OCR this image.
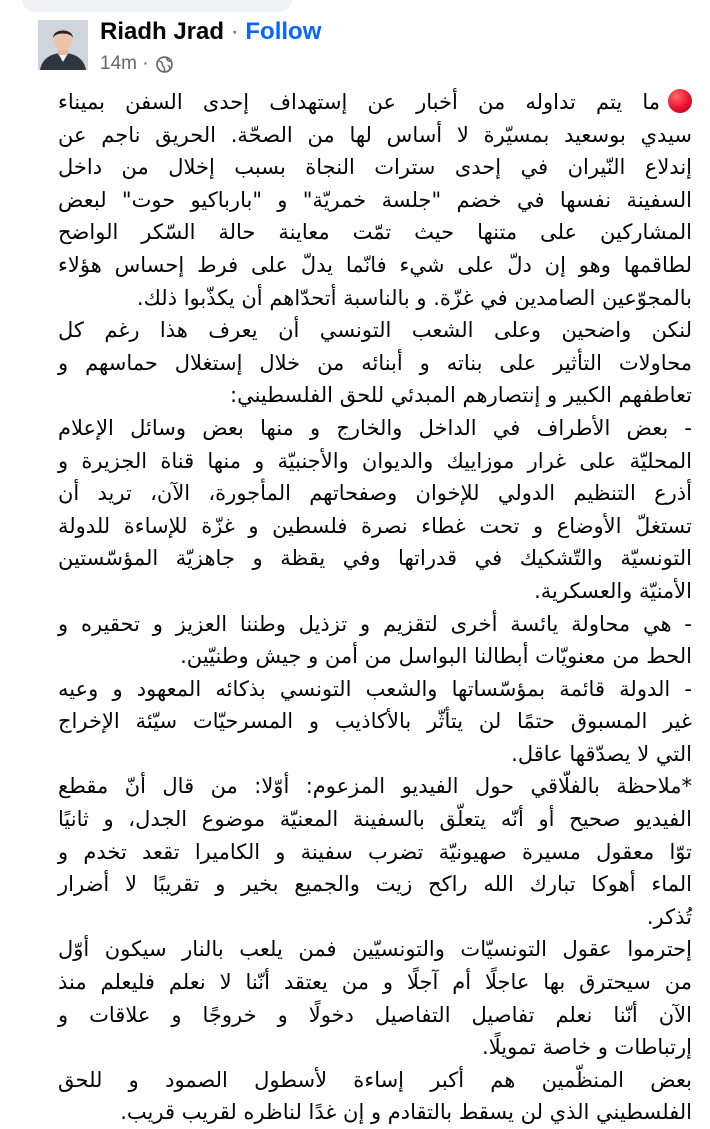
Riadh Jrad · Follow
14m ·
ما يتم تداوله من أخبار عن إستهداف إحدى السفن بميناء
سيدي بوسعيد بمسيّرة لا أساس لها من الصحّة. الحريق ناجم عن
إندلاع النّيران في إحدى سترات النجاة بسبب إخلال من داخل
السفينة نفسها في خضم "جلسة خمريّة" و "بارباكيو حوت" لبعض
المشاركين على متنها حيث تمّت معاينة حالة السّكر الواضح
لطاقمها وهو إن دلّ على شيء فانّما يدلّ على فرط إحساس هؤلاء
بالمجوّعين الصامدين في غزّة. و بالناسبة أتحدّاهم أن يكذّبوا ذلك.
لنكن واضحين وعلى الشعب التونسي أن يعرف هذا رغم كل
محاولات التأثير على بناته و أبنائه من خلال إستغلال حماسهم و
تعاطفهم الكبير و إنتصارهم المبدئي للحق الفلسطيني:
- بعض الأطراف في الداخل والخارج و منها بعض وسائل الإعلام
المحليّة على غرار موزاييك والديوان والأجنبيّة و منها قناة الجزيرة و
أذرع التنظيم الدولي للإخوان وصفحاتهم المأجورة، الآن، تريد أن
تستغلّ الأوضاع و تحت غطاء نصرة فلسطين و غزّة للإساءة للدولة
التونسيّة والتّشكيك في قدراتها وفي يقظة و جاهزيّة المؤسّستين
الأمنيّة والعسكرية.
- هي محاولة يائسة أخرى لتقزيم و تزذيل وطننا العزيز و تحقيره و
الحط من معنويّات أبطالنا البواسل من أمن و جيش وطنيّين.
- الدولة قائمة بمؤسّساتها والشعب التونسي بذكائه المعهود و وعيه
غير المسبوق حتمًا لن يتأثّر بالأكاذيب و المسرحيّات سيّئة الإخراج
التي لا يصدّقها عاقل.
*ملاحظة بالفلّاقي حول الفيديو المزعوم: أوّلا: من قال أنّ مقطع
الفيديو صحيح أو أنّه يتعلّق بالسفينة المعنيّة موضوع الجدل، و ثانيًا
توّا معقول مسيرة صهيونيّة تضرب سفينة و الكاميرا تقعد تخدم و
الماء أهوكا تبارك الله راكح زيت والجميع بخير و تقريبًا لا أضرار
تُذكر.
إحترموا عقول التونسيّات والتونسيّين فمن يلعب بالنار سيكون أوّل
من سيحترق بها عاجلًا أم آجلًا و من يعتقد أنّنا لا نعلم فليعلم منذ
الآن أنّنا نعلم تفاصيل التفاصيل دخولًا و خروجًا و علاقات و
إرتباطات و خاصة تمويلًا.
بعض المنظّمين هم أكبر إساءة لأسطول الصمود و للحق
الفلسطيني الذي لن يسقط بالتقادم و إن غدًا لناظره لقريب قريب.
